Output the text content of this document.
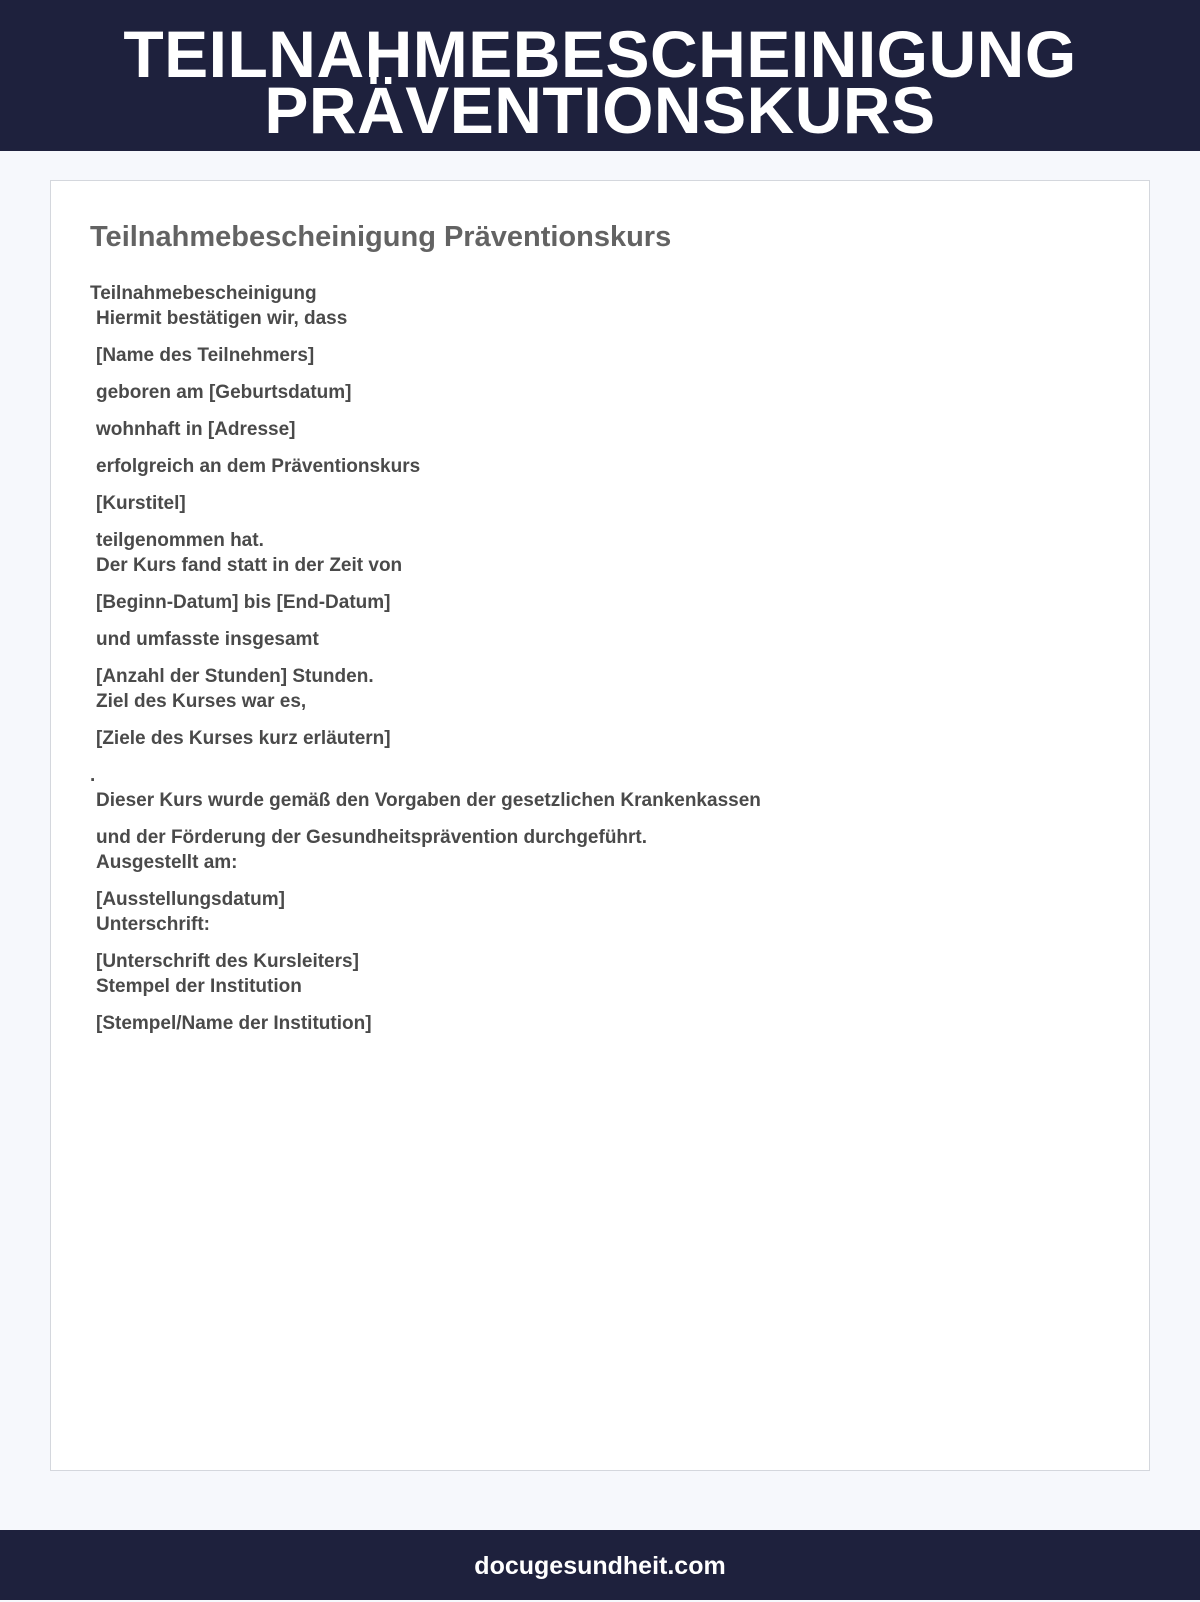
TEILNAHMEBESCHEINIGUNG
PRÄVENTIONSKURS
Teilnahmebescheinigung Präventionskurs
Teilnahmebescheinigung
Hiermit bestätigen wir, dass
[Name des Teilnehmers]
geboren am [Geburtsdatum]
wohnhaft in [Adresse]
erfolgreich an dem Präventionskurs
[Kurstitel]
teilgenommen hat.
Der Kurs fand statt in der Zeit von
[Beginn-Datum] bis [End-Datum]
und umfasste insgesamt
[Anzahl der Stunden] Stunden.
Ziel des Kurses war es,
[Ziele des Kurses kurz erläutern]
.
Dieser Kurs wurde gemäß den Vorgaben der gesetzlichen Krankenkassen
und der Förderung der Gesundheitsprävention durchgeführt.
Ausgestellt am:
[Ausstellungsdatum]
Unterschrift:
[Unterschrift des Kursleiters]
Stempel der Institution
[Stempel/Name der Institution]
docugesundheit.com
